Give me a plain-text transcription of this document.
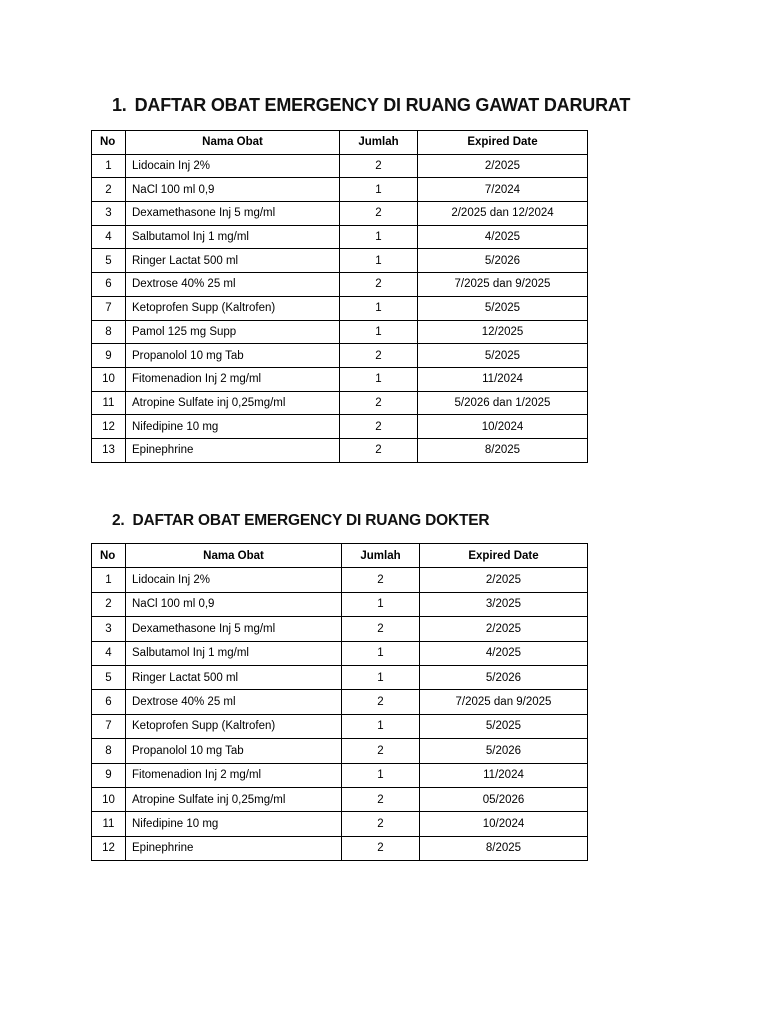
1. DAFTAR OBAT EMERGENCY DI RUANG GAWAT DARURAT
No	Nama Obat	Jumlah	Expired Date
1	Lidocain Inj 2%	2	2/2025
2	NaCl 100 ml 0,9	1	7/2024
3	Dexamethasone Inj 5 mg/ml	2	2/2025 dan 12/2024
4	Salbutamol Inj 1 mg/ml	1	4/2025
5	Ringer Lactat 500 ml	1	5/2026
6	Dextrose 40% 25 ml	2	7/2025 dan 9/2025
7	Ketoprofen Supp (Kaltrofen)	1	5/2025
8	Pamol 125 mg Supp	1	12/2025
9	Propanolol 10 mg Tab	2	5/2025
10	Fitomenadion Inj 2 mg/ml	1	11/2024
11	Atropine Sulfate inj 0,25mg/ml	2	5/2026 dan 1/2025
12	Nifedipine 10 mg	2	10/2024
13	Epinephrine	2	8/2025
2. DAFTAR OBAT EMERGENCY DI RUANG DOKTER
No	Nama Obat	Jumlah	Expired Date
1	Lidocain Inj 2%	2	2/2025
2	NaCl 100 ml 0,9	1	3/2025
3	Dexamethasone Inj 5 mg/ml	2	2/2025
4	Salbutamol Inj 1 mg/ml	1	4/2025
5	Ringer Lactat 500 ml	1	5/2026
6	Dextrose 40% 25 ml	2	7/2025 dan 9/2025
7	Ketoprofen Supp (Kaltrofen)	1	5/2025
8	Propanolol 10 mg Tab	2	5/2026
9	Fitomenadion Inj 2 mg/ml	1	11/2024
10	Atropine Sulfate inj 0,25mg/ml	2	05/2026
11	Nifedipine 10 mg	2	10/2024
12	Epinephrine	2	8/2025
